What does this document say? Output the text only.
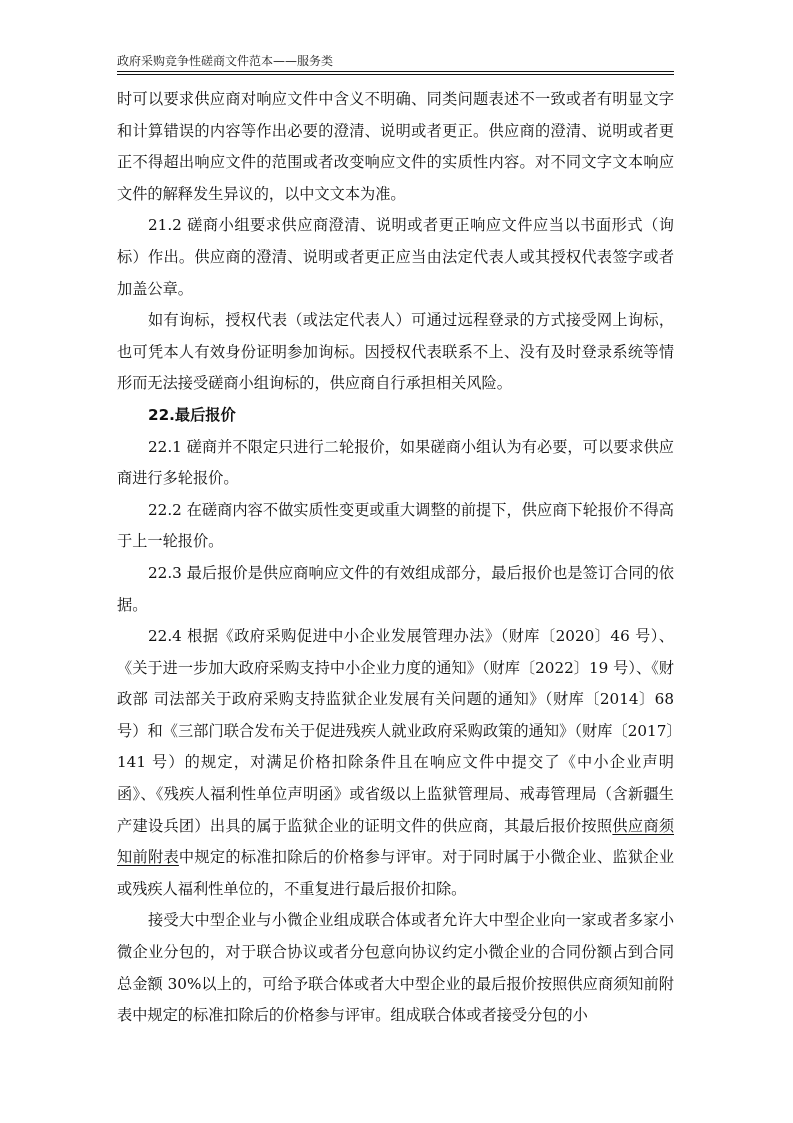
政府采购竞争性磋商文件范本——服务类

时可以要求供应商对响应文件中含义不明确、同类问题表述不一致或者有明显文字和计算错误的内容等作出必要的澄清、说明或者更正。供应商的澄清、说明或者更正不得超出响应文件的范围或者改变响应文件的实质性内容。对不同文字文本响应文件的解释发生异议的，以中文文本为准。

21.2 磋商小组要求供应商澄清、说明或者更正响应文件应当以书面形式（询标）作出。供应商的澄清、说明或者更正应当由法定代表人或其授权代表签字或者加盖公章。

如有询标，授权代表（或法定代表人）可通过远程登录的方式接受网上询标，也可凭本人有效身份证明参加询标。因授权代表联系不上、没有及时登录系统等情形而无法接受磋商小组询标的，供应商自行承担相关风险。

22.最后报价

22.1 磋商并不限定只进行二轮报价，如果磋商小组认为有必要，可以要求供应商进行多轮报价。

22.2 在磋商内容不做实质性变更或重大调整的前提下，供应商下轮报价不得高于上一轮报价。

22.3 最后报价是供应商响应文件的有效组成部分，最后报价也是签订合同的依据。

22.4 根据《政府采购促进中小企业发展管理办法》（财库〔2020〕46 号）、《关于进一步加大政府采购支持中小企业力度的通知》（财库〔2022〕19 号）、《财政部 司法部关于政府采购支持监狱企业发展有关问题的通知》（财库〔2014〕68 号）和《三部门联合发布关于促进残疾人就业政府采购政策的通知》（财库〔2017〕141 号）的规定，对满足价格扣除条件且在响应文件中提交了《中小企业声明函》、《残疾人福利性单位声明函》或省级以上监狱管理局、戒毒管理局（含新疆生产建设兵团）出具的属于监狱企业的证明文件的供应商，其最后报价按照供应商须知前附表中规定的标准扣除后的价格参与评审。对于同时属于小微企业、监狱企业或残疾人福利性单位的，不重复进行最后报价扣除。

接受大中型企业与小微企业组成联合体或者允许大中型企业向一家或者多家小微企业分包的，对于联合协议或者分包意向协议约定小微企业的合同份额占到合同总金额 30%以上的，可给予联合体或者大中型企业的最后报价按照供应商须知前附表中规定的标准扣除后的价格参与评审。组成联合体或者接受分包的小
